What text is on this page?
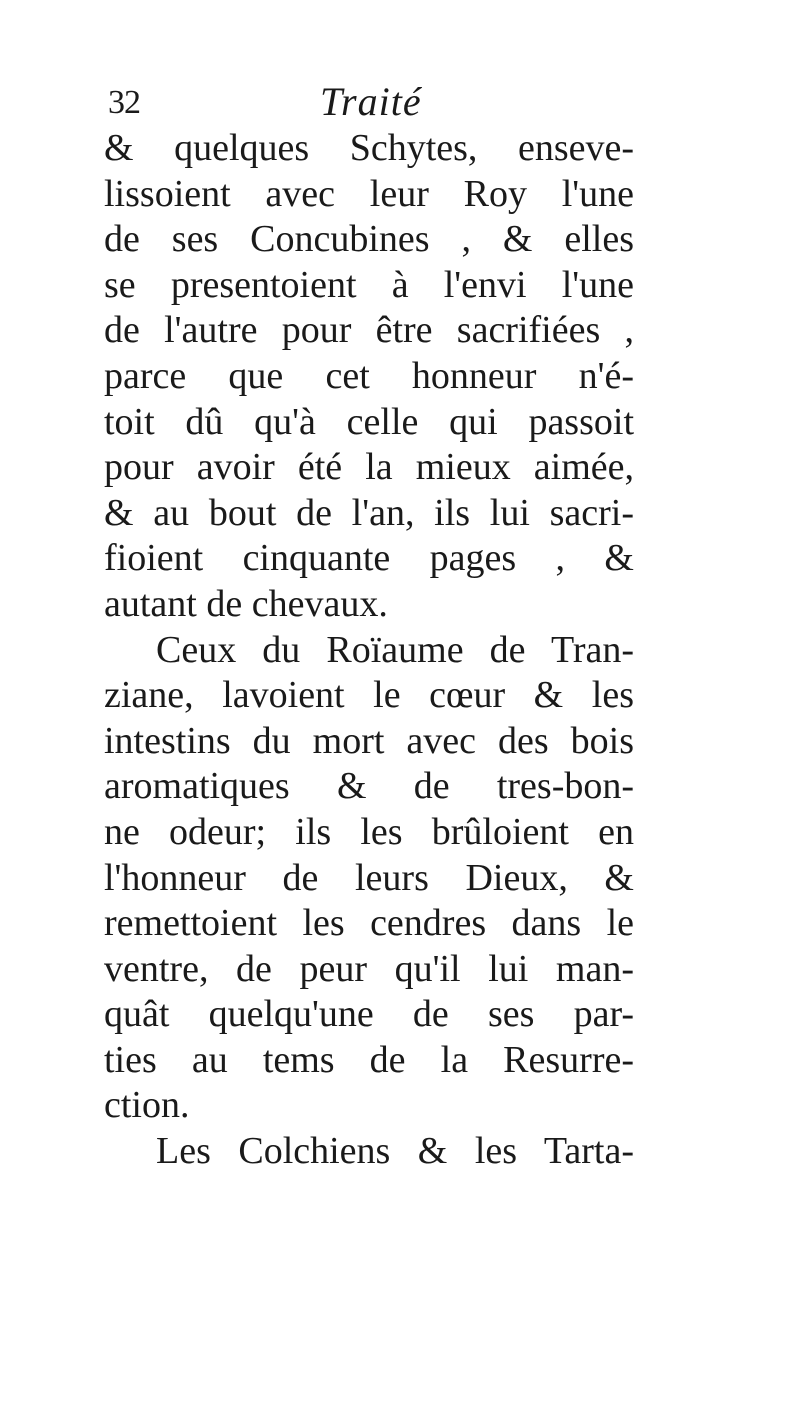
32	Traité
& quelques Schytes, enseve-
lissoient avec leur Roy l'une
de ses Concubines , & elles
se presentoient à l'envi l'une
de l'autre pour être sacrifiées ,
parce que cet honneur n'é-
toit dû qu'à celle qui passoit
pour avoir été la mieux aimée,
& au bout de l'an, ils lui sacri-
fioient cinquante pages , &
autant de chevaux.
Ceux du Roïaume de Tran-
ziane, lavoient le cœur & les
intestins du mort avec des bois
aromatiques & de tres-bon-
ne odeur; ils les brûloient en
l'honneur de leurs Dieux, &
remettoient les cendres dans le
ventre, de peur qu'il lui man-
quât quelqu'une de ses par-
ties au tems de la Resurre-
ction.
Les Colchiens & les Tarta-
